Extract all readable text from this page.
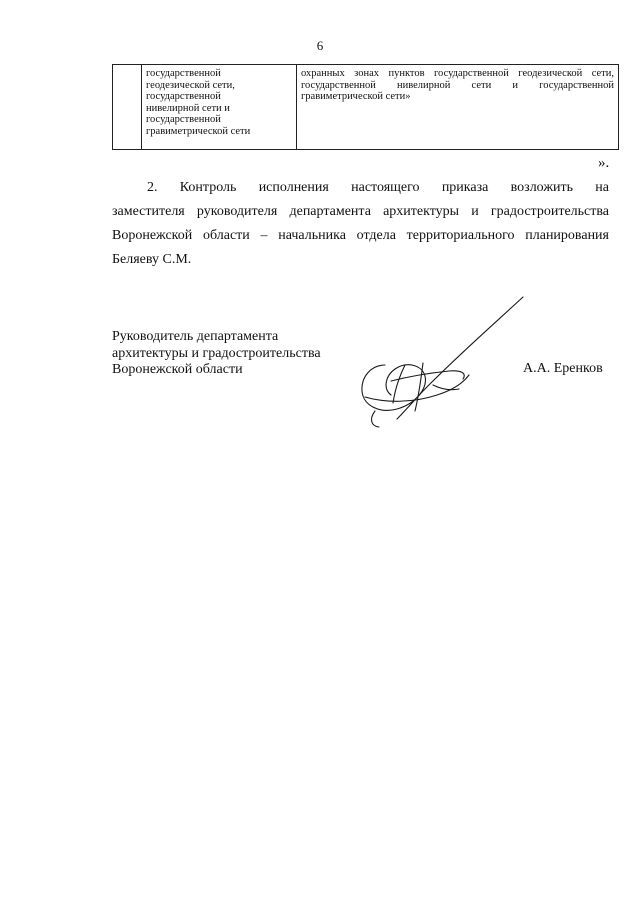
6
государственной
геодезической сети,
государственной
нивелирной сети и
государственной
гравиметрической сети
охранных зонах пунктов государственной геодезической сети, государственной нивелирной сети и государственной гравиметрической сети»
».
2. Контроль исполнения настоящего приказа возложить на
заместителя руководителя департамента архитектуры и градостроительства
Воронежской области – начальника отдела территориального планирования
Беляеву С.М.
Руководитель департамента
архитектуры и градостроительства
Воронежской области	А.А. Еренков
